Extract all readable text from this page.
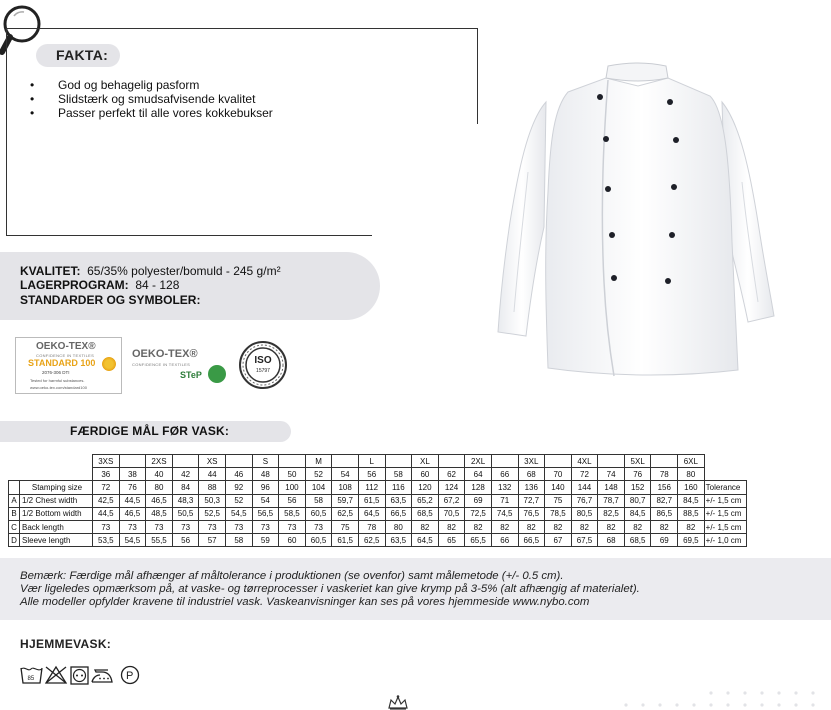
FAKTA:
• God og behagelig pasform
• Slidstærk og smudsafvisende kvalitet
• Passer perfekt til alle vores kokkebukser
KVALITET: 65/35% polyester/bomuld - 245 g/m²
LAGERPROGRAM: 84 - 128
STANDARDER OG SYMBOLER:
OEKO-TEX®
CONFIDENCE IN TEXTILES
STANDARD 100
2076-306 DTI
Tested for harmful substances.
www.oeko-tex.com/standard100
OEKO-TEX®
CONFIDENCE IN TEXTILES
STeP
ISO
15797
FÆRDIGE MÅL FØR VASK:
		3XS		2XS		XS		S		M		L		XL		2XL		3XL		4XL		5XL		6XL	
		36	38	40	42	44	46	48	50	52	54	56	58	60	62	64	66	68	70	72	74	76	78	80	
	Stamping size	72	76	80	84	88	92	96	100	104	108	112	116	120	124	128	132	136	140	144	148	152	156	160	Tolerance
A	1/2 Chest width	42,5	44,5	46,5	48,3	50,3	52	54	56	58	59,7	61,5	63,5	65,2	67,2	69	71	72,7	75	76,7	78,7	80,7	82,7	84,5	+/- 1,5 cm
B	1/2 Bottom width	44,5	46,5	48,5	50,5	52,5	54,5	56,5	58,5	60,5	62,5	64,5	66,5	68,5	70,5	72,5	74,5	76,5	78,5	80,5	82,5	84,5	86,5	88,5	+/- 1,5 cm
C	Back length	73	73	73	73	73	73	73	73	73	75	78	80	82	82	82	82	82	82	82	82	82	82	82	+/- 1,5 cm
D	Sleeve length	53,5	54,5	55,5	56	57	58	59	60	60,5	61,5	62,5	63,5	64,5	65	65,5	66	66,5	67	67,5	68	68,5	69	69,5	+/- 1,0 cm

Bemærk: Færdige mål afhænger af måltolerance i produktionen (se ovenfor) samt målemetode (+/- 0.5 cm).

Vær ligeledes opmærksom på, at vaske- og tørreprocesser i vaskeriet kan give krymp på 3-5% (alt afhængig af materialet).

Alle modeller opfylder kravene til industriel vask. Vaskeanvisninger kan ses på vores hjemmeside www.nybo.com

HJEMMEVASK:
85	P
